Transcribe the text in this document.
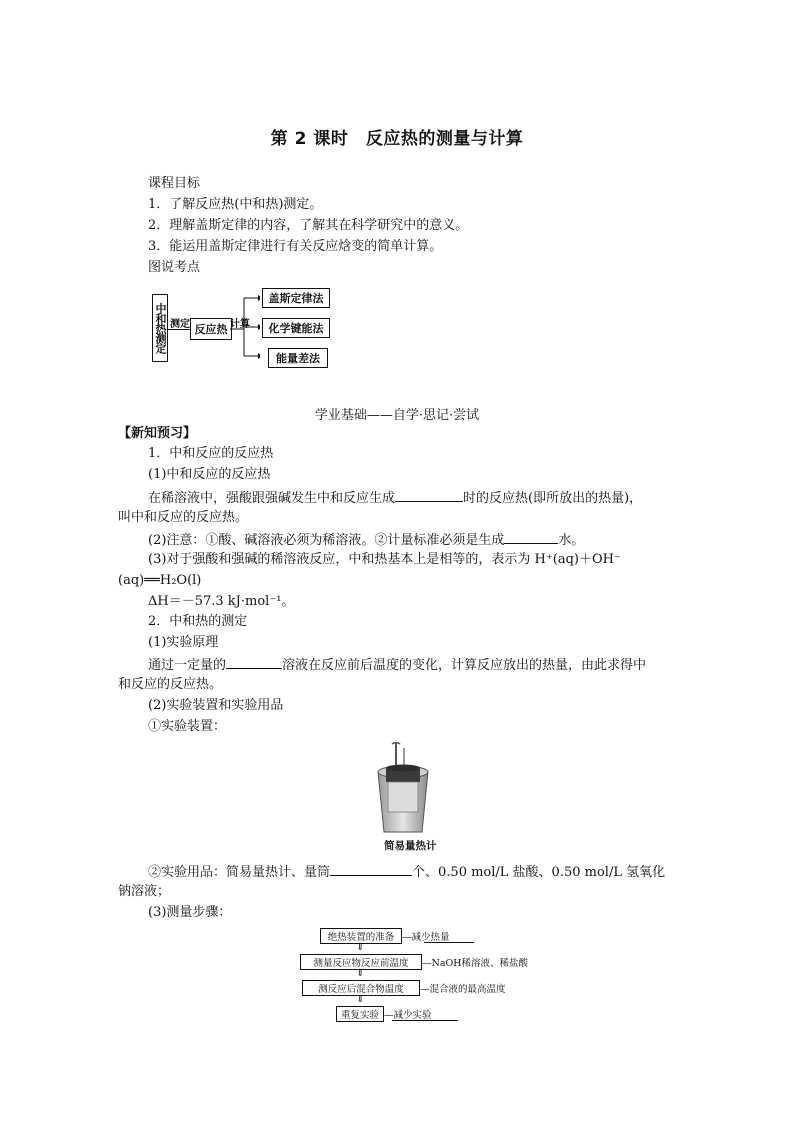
第 2 课时　反应热的测量与计算
课程目标
1．了解反应热(中和热)测定。
2．理解盖斯定律的内容，了解其在科学研究中的意义。
3．能运用盖斯定律进行有关反应焓变的简单计算。
图说考点
中和热测定 测定 反应热 计算
盖斯定律法
化学键能法
能量差法
学业基础——自学·思记·尝试
【新知预习】
1．中和反应的反应热
(1)中和反应的反应热
在稀溶液中，强酸跟强碱发生中和反应生成	时的反应热(即所放出的热量)，
叫中和反应的反应热。
(2)注意：①酸、碱溶液必须为稀溶液。②计量标准必须是生成	水。
(3)对于强酸和强碱的稀溶液反应，中和热基本上是相等的，表示为 H⁺(aq)＋OH⁻
(aq)══H₂O(l)
ΔH＝－57.3 kJ·mol⁻¹。
2．中和热的测定
(1)实验原理
通过一定量的	溶液在反应前后温度的变化，计算反应放出的热量，由此求得中
和反应的反应热。
(2)实验装置和实验用品
①实验装置：
简易量热计
②实验用品：简易量热计、量筒	个、0.50 mol/L 盐酸、0.50 mol/L 氢氧化
钠溶液；
(3)测量步骤：
绝热装置的准备 —减少热量
⇓
测量反应物反应前温度	—NaOH稀溶液、稀盐酸
⇓
测反应后混合物温度	—混合液的最高温度
⇓
重复实验 —减少实验
